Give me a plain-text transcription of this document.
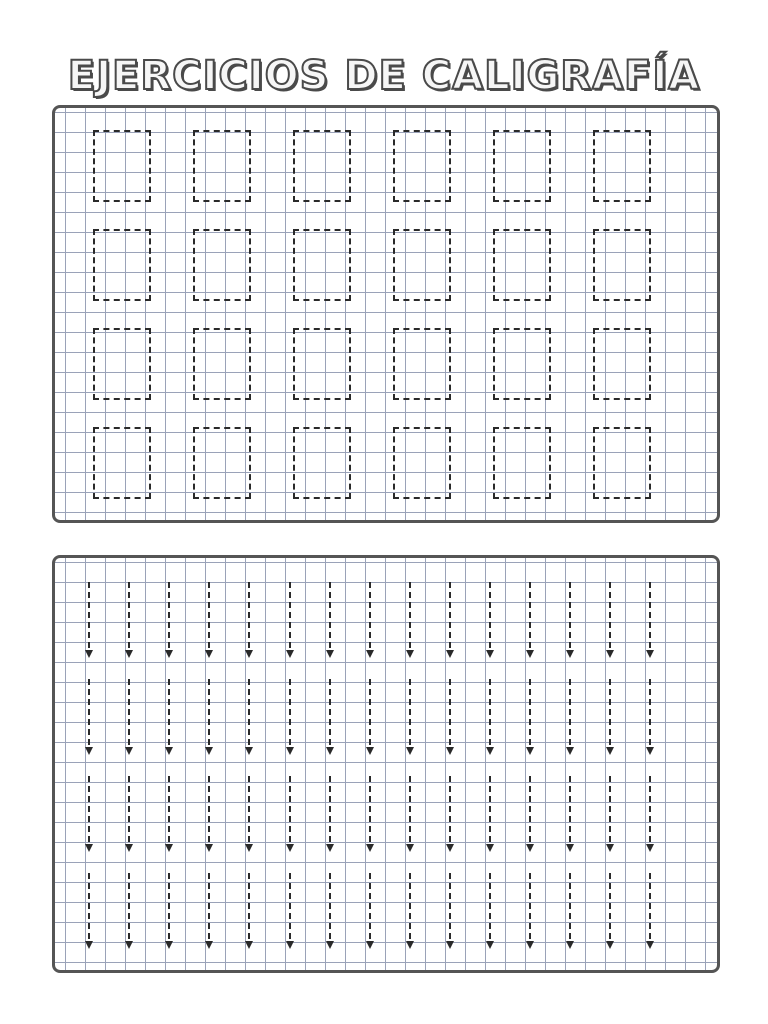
EJERCICIOS DE CALIGRAFÍA
